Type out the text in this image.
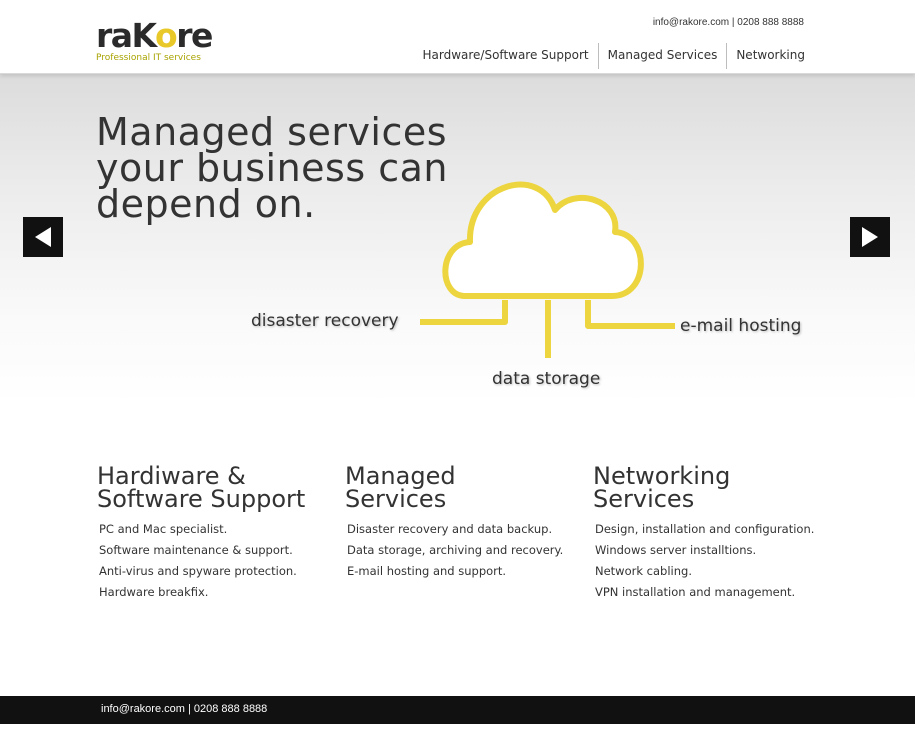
raKore
Professional IT services
info@rakore.com | 0208 888 8888
Hardware/Software Support	Managed Services	Networking
Managed services
your business can
depend on.
disaster recovery
data storage
e-mail hosting
Hardiware &
Software Support
PC and Mac specialist.
Software maintenance & support.
Anti-virus and spyware protection.
Hardware breakfix.
Managed
Services
Disaster recovery and data backup.
Data storage, archiving and recovery.
E-mail hosting and support.
Networking
Services
Design, installation and configuration.
Windows server installtions.
Network cabling.
VPN installation and management.
info@rakore.com | 0208 888 8888
